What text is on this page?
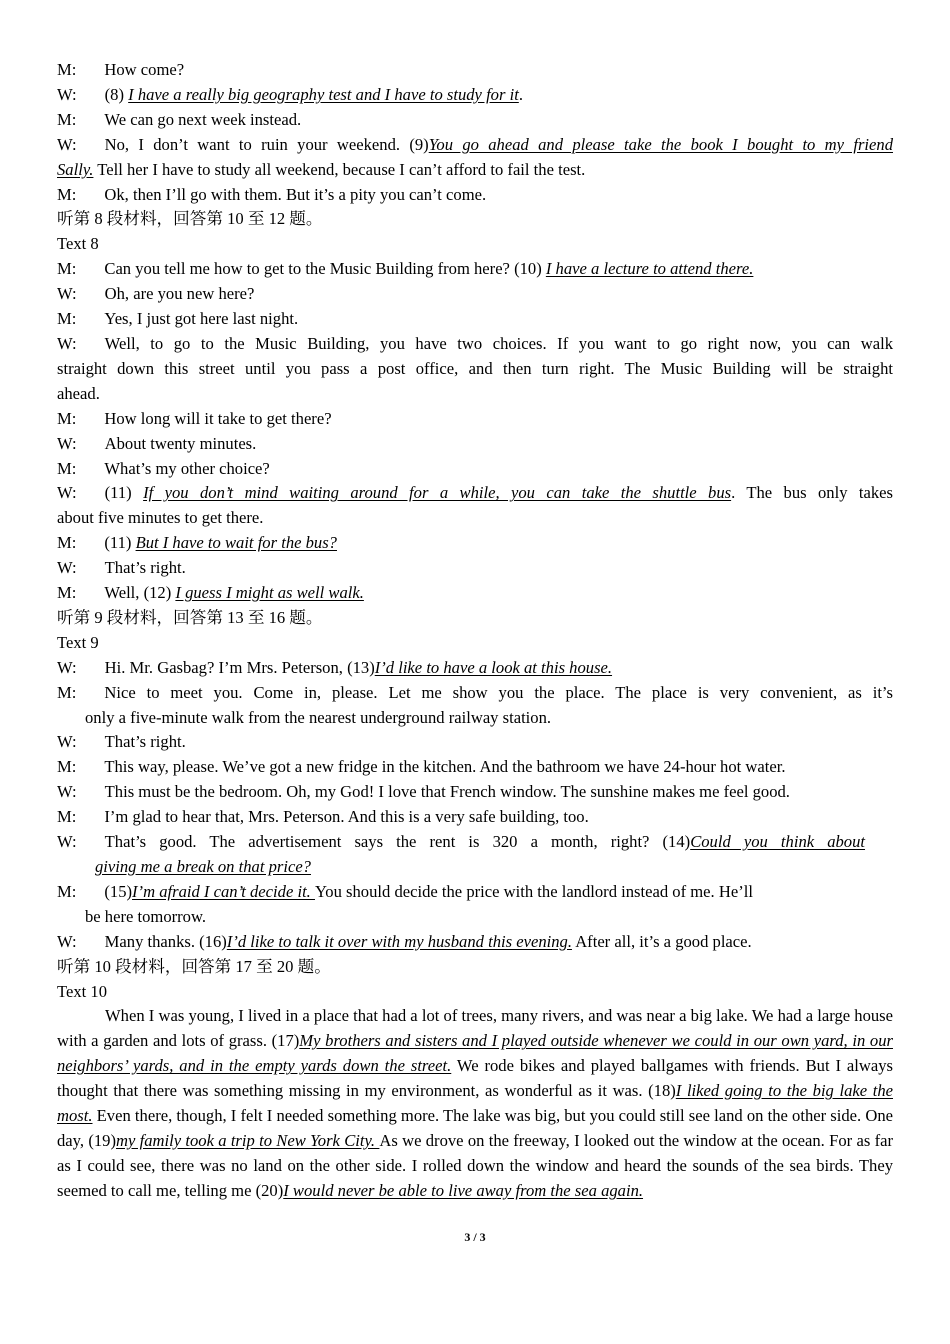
M: How come?

W: (8) I have a really big geography test and I have to study for it.

M: We can go next week instead.

W: No, I don’t want to ruin your weekend. (9)You go ahead and please take the book I bought to my friend

Sally. Tell her I have to study all weekend, because I can’t afford to fail the test.

M: Ok, then I’ll go with them. But it’s a pity you can’t come.

听第 8 段材料，回答第 10 至 12 题。

Text 8

M: Can you tell me how to get to the Music Building from here? (10) I have a lecture to attend there.

W: Oh, are you new here?

M: Yes, I just got here last night.

W: Well, to go to the Music Building, you have two choices. If you want to go right now, you can walk

straight down this street until you pass a post office, and then turn right. The Music Building will be straight

ahead.

M: How long will it take to get there?

W: About twenty minutes.

M: What’s my other choice?

W: (11) If you don’t mind waiting around for a while, you can take the shuttle bus. The bus only takes

about five minutes to get there.

M: (11) But I have to wait for the bus?

W: That’s right.

M: Well, (12) I guess I might as well walk.

听第 9 段材料，回答第 13 至 16 题。

Text 9

W: Hi. Mr. Gasbag? I’m Mrs. Peterson, (13)I’d like to have a look at this house.

M: Nice to meet you. Come in, please. Let me show you the place. The place is very convenient, as it’s

only a five-minute walk from the nearest underground railway station.

W: That’s right.

M: This way, please. We’ve got a new fridge in the kitchen. And the bathroom we have 24-hour hot water.

W: This must be the bedroom. Oh, my God! I love that French window. The sunshine makes me feel good.

M: I’m glad to hear that, Mrs. Peterson. And this is a very safe building, too.

W: That’s good. The advertisement says the rent is 320 a month, right? (14)Could you think about

giving me a break on that price?

M: (15)I’m afraid I can’t decide it. You should decide the price with the landlord instead of me. He’ll

be here tomorrow.

W: Many thanks. (16)I’d like to talk it over with my husband this evening. After all, it’s a good place.

听第 10 段材料，回答第 17 至 20 题。

Text 10

When I was young, I lived in a place that had a lot of trees, many rivers, and was near a big lake. We had a large house with a garden and lots of grass. (17)My brothers and sisters and I played outside whenever we could in our own yard, in our neighbors’ yards, and in the empty yards down the street. We rode bikes and played ballgames with friends. But I always thought that there was something missing in my environment, as wonderful as it was. (18)I liked going to the big lake the most. Even there, though, I felt I needed something more. The lake was big, but you could still see land on the other side. One day, (19)my family took a trip to New York City. As we drove on the freeway, I looked out the window at the ocean. For as far as I could see, there was no land on the other side. I rolled down the window and heard the sounds of the sea birds. They seemed to call me, telling me (20)I would never be able to live away from the sea again.

3 / 3
